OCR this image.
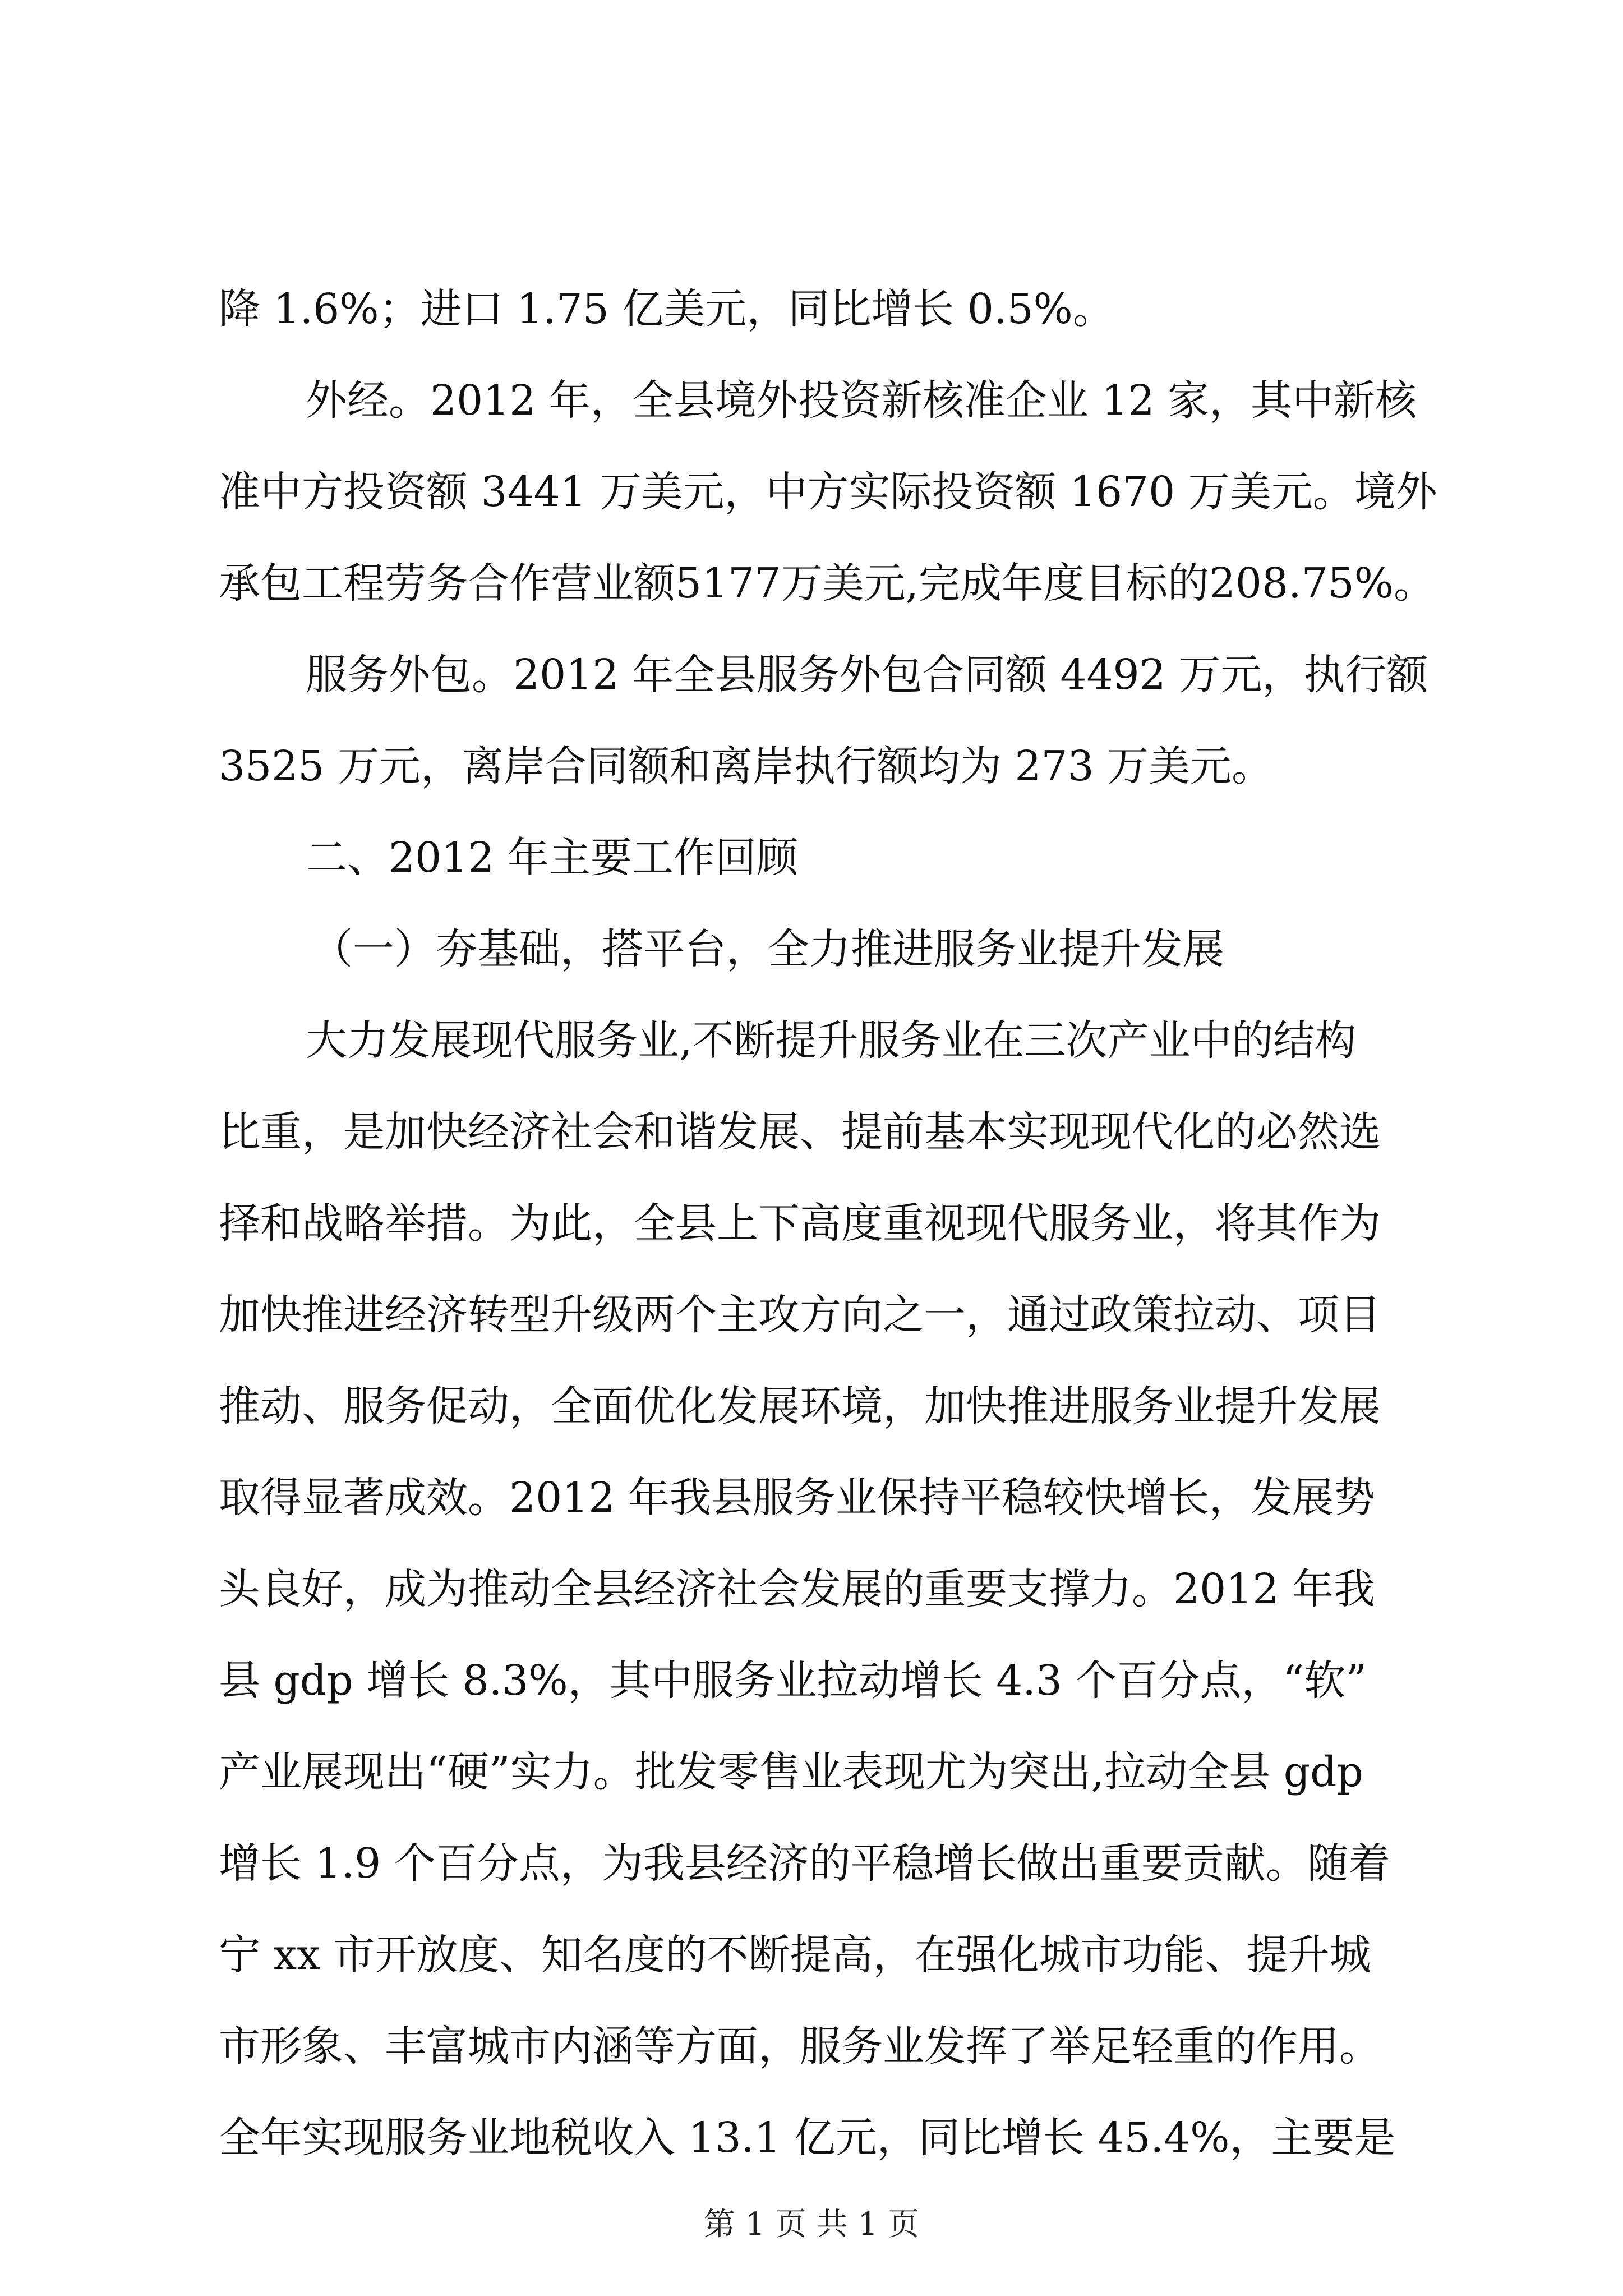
降 1.6%；进口 1.75 亿美元，同比增长 0.5%。
外经。2012 年，全县境外投资新核准企业 12 家，其中新核
准中方投资额 3441 万美元，中方实际投资额 1670 万美元。境外
承包工程劳务合作营业额5177万美元,完成年度目标的208.75%。
服务外包。2012 年全县服务外包合同额 4492 万元，执行额
3525 万元，离岸合同额和离岸执行额均为 273 万美元。
二、2012 年主要工作回顾
（一）夯基础，搭平台，全力推进服务业提升发展
大力发展现代服务业,不断提升服务业在三次产业中的结构
比重，是加快经济社会和谐发展、提前基本实现现代化的必然选
择和战略举措。为此，全县上下高度重视现代服务业，将其作为
加快推进经济转型升级两个主攻方向之一，通过政策拉动、项目
推动、服务促动，全面优化发展环境，加快推进服务业提升发展
取得显著成效。2012 年我县服务业保持平稳较快增长，发展势
头良好，成为推动全县经济社会发展的重要支撑力。2012 年我
县 gdp 增长 8.3%，其中服务业拉动增长 4.3 个百分点，“软”
产业展现出“硬”实力。批发零售业表现尤为突出,拉动全县 gdp
增长 1.9 个百分点，为我县经济的平稳增长做出重要贡献。随着
宁 xx 市开放度、知名度的不断提高，在强化城市功能、提升城
市形象、丰富城市内涵等方面，服务业发挥了举足轻重的作用。
全年实现服务业地税收入 13.1 亿元，同比增长 45.4%，主要是
第 1 页 共 1 页
